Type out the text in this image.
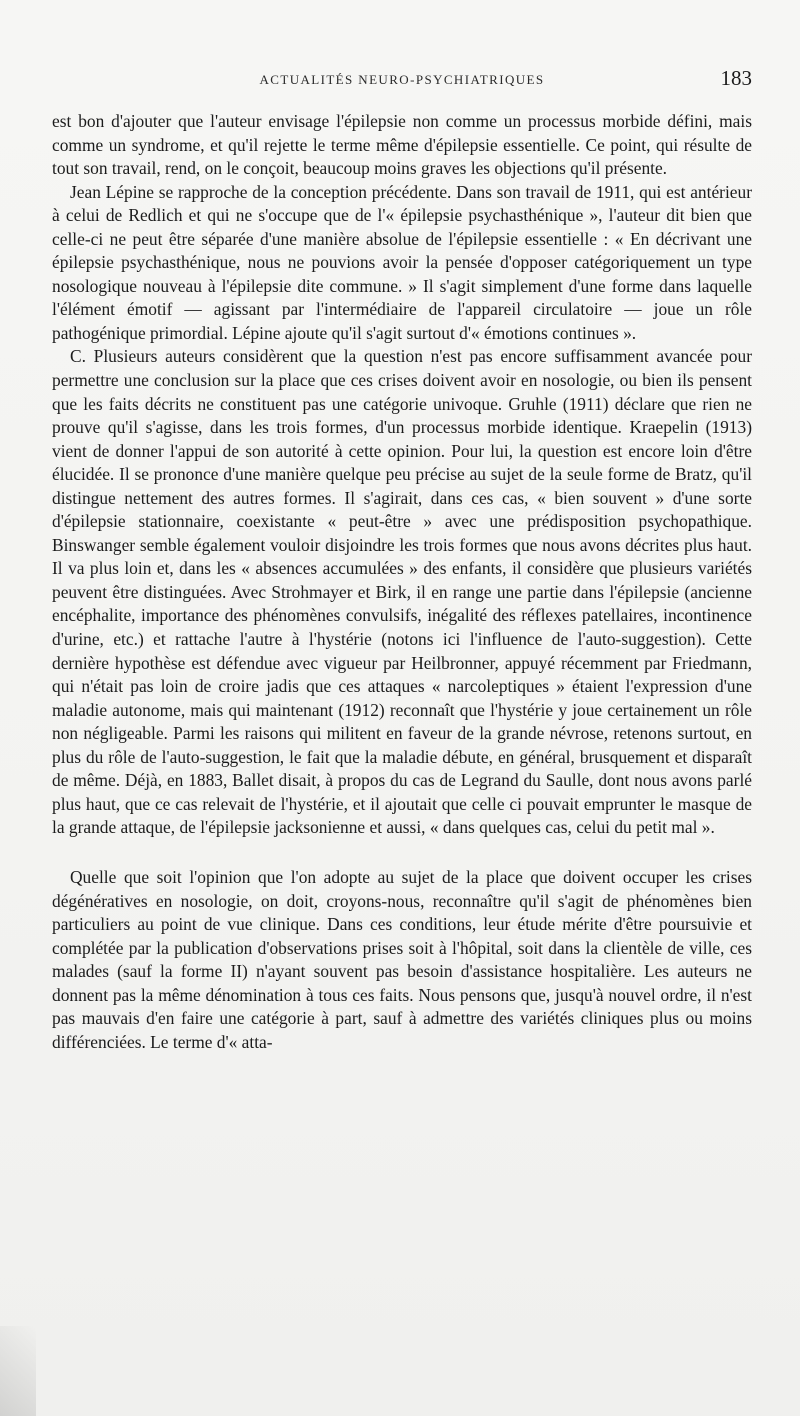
ACTUALITÉS NEURO-PSYCHIATRIQUES	183

est bon d'ajouter que l'auteur envisage l'épilepsie non comme un processus morbide défini, mais comme un syndrome, et qu'il rejette le terme même d'épilepsie essentielle. Ce point, qui résulte de tout son travail, rend, on le conçoit, beaucoup moins graves les objections qu'il présente.

Jean Lépine se rapproche de la conception précédente. Dans son travail de 1911, qui est antérieur à celui de Redlich et qui ne s'occupe que de l'« épilepsie psychasthénique », l'auteur dit bien que celle-ci ne peut être séparée d'une manière absolue de l'épilepsie essentielle : « En décrivant une épilepsie psychasthénique, nous ne pouvions avoir la pensée d'opposer catégoriquement un type nosologique nouveau à l'épilepsie dite commune. » Il s'agit simplement d'une forme dans laquelle l'élément émotif — agissant par l'intermédiaire de l'appareil circulatoire — joue un rôle pathogénique primordial. Lépine ajoute qu'il s'agit surtout d'« émotions continues ».

C. Plusieurs auteurs considèrent que la question n'est pas encore suffisamment avancée pour permettre une conclusion sur la place que ces crises doivent avoir en nosologie, ou bien ils pensent que les faits décrits ne constituent pas une catégorie univoque. Gruhle (1911) déclare que rien ne prouve qu'il s'agisse, dans les trois formes, d'un processus morbide identique. Kraepelin (1913) vient de donner l'appui de son autorité à cette opinion. Pour lui, la question est encore loin d'être élucidée. Il se prononce d'une manière quelque peu précise au sujet de la seule forme de Bratz, qu'il distingue nettement des autres formes. Il s'agirait, dans ces cas, « bien souvent » d'une sorte d'épilepsie stationnaire, coexistante « peut-être » avec une prédisposition psychopathique. Binswanger semble également vouloir disjoindre les trois formes que nous avons décrites plus haut. Il va plus loin et, dans les « absences accumulées » des enfants, il considère que plusieurs variétés peuvent être distinguées. Avec Strohmayer et Birk, il en range une partie dans l'épilepsie (ancienne encéphalite, importance des phénomènes convulsifs, inégalité des réflexes patellaires, incontinence d'urine, etc.) et rattache l'autre à l'hystérie (notons ici l'influence de l'auto-suggestion). Cette dernière hypothèse est défendue avec vigueur par Heilbronner, appuyé récemment par Friedmann, qui n'était pas loin de croire jadis que ces attaques « narcoleptiques » étaient l'expression d'une maladie autonome, mais qui maintenant (1912) reconnaît que l'hystérie y joue certainement un rôle non négligeable. Parmi les raisons qui militent en faveur de la grande névrose, retenons surtout, en plus du rôle de l'auto-suggestion, le fait que la maladie débute, en général, brusquement et disparaît de même. Déjà, en 1883, Ballet disait, à propos du cas de Legrand du Saulle, dont nous avons parlé plus haut, que ce cas relevait de l'hystérie, et il ajoutait que celle ci pouvait emprunter le masque de la grande attaque, de l'épilepsie jacksonienne et aussi, « dans quelques cas, celui du petit mal ».

Quelle que soit l'opinion que l'on adopte au sujet de la place que doivent occuper les crises dégénératives en nosologie, on doit, croyons-nous, reconnaître qu'il s'agit de phénomènes bien particuliers au point de vue clinique. Dans ces conditions, leur étude mérite d'être poursuivie et complétée par la publication d'observations prises soit à l'hôpital, soit dans la clientèle de ville, ces malades (sauf la forme II) n'ayant souvent pas besoin d'assistance hospitalière. Les auteurs ne donnent pas la même dénomination à tous ces faits. Nous pensons que, jusqu'à nouvel ordre, il n'est pas mauvais d'en faire une catégorie à part, sauf à admettre des variétés cliniques plus ou moins différenciées. Le terme d'« atta-
